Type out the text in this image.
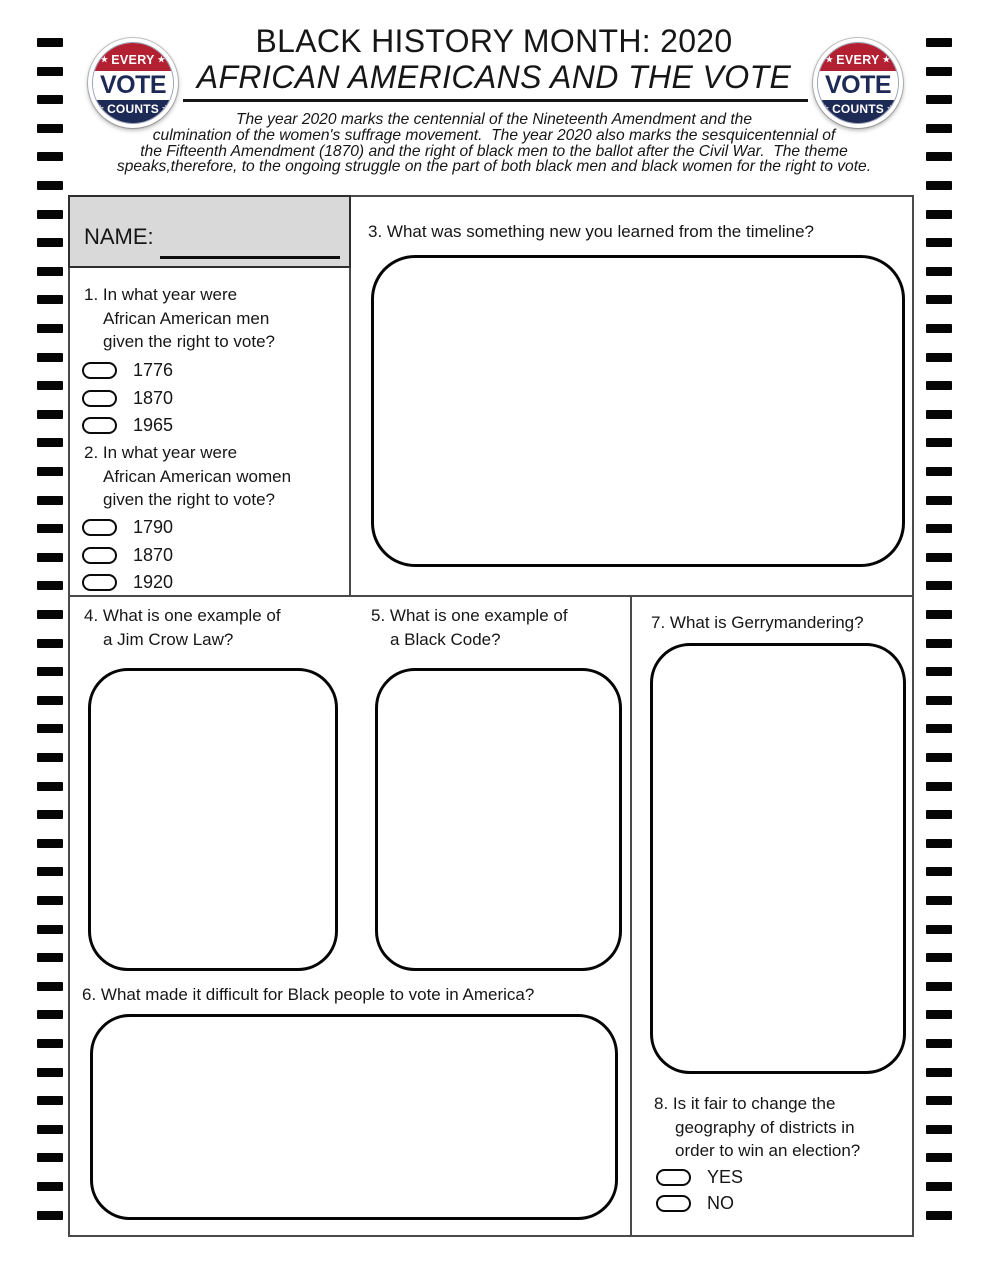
BLACK HISTORY MONTH: 2020
AFRICAN AMERICANS AND THE VOTE
The year 2020 marks the centennial of the Nineteenth Amendment and the
culmination of the women's suffrage movement.  The year 2020 also marks the sesquicentennial of
the Fifteenth Amendment (1870) and the right of black men to the ballot after the Civil War.  The theme
speaks,therefore, to the ongoing struggle on the part of both black men and black women for the right to vote.
★ EVERY ★
VOTE
★ COUNTS ★
★ EVERY ★
VOTE
★ COUNTS ★
NAME:
1. In what year were
African American men
given the right to vote?
1776
1870
1965
2. In what year were
African American women
given the right to vote?
1790
1870
1920
3. What was something new you learned from the timeline?
4. What is one example of
a Jim Crow Law?
5. What is one example of
a Black Code?
6. What made it difficult for Black people to vote in America?
7. What is Gerrymandering?
8. Is it fair to change the
geography of districts in
order to win an election?
YES
NO
